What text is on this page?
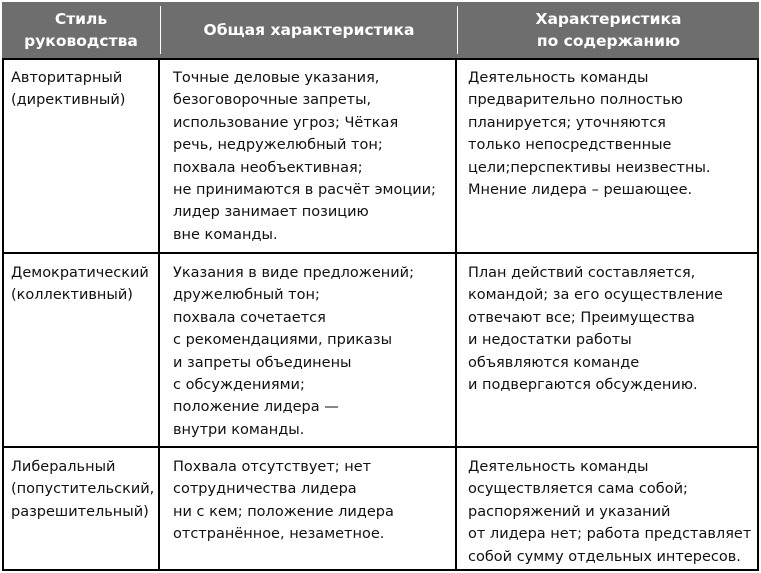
Стиль
руководства
Общая характеристика
Характеристика
по содержанию
Авторитарный
(директивный)
Точные деловые указания,
безоговорочные запреты,
использование угроз; Чёткая
речь, недружелюбный тон;
похвала необъективная;
не принимаются в расчёт эмоции;
лидер занимает позицию
вне команды.
Деятельность команды
предварительно полностью
планируется; уточняются
только непосредственные
цели;перспективы неизвестны.
Мнение лидера – решающее.
Демократический
(коллективный)
Указания в виде предложений;
дружелюбный тон;
похвала сочетается
с рекомендациями, приказы
и запреты объединены
с обсуждениями;
положение лидера —
внутри команды.
План действий составляется,
командой; за его осуществление
отвечают все; Преимущества
и недостатки работы
объявляются команде
и подвергаются обсуждению.
Либеральный
(попустительский,
разрешительный)
Похвала отсутствует; нет
сотрудничества лидера
ни с кем; положение лидера
отстранённое, незаметное.
Деятельность команды
осуществляется сама собой;
распоряжений и указаний
от лидера нет; работа представляет
собой сумму отдельных интересов.
